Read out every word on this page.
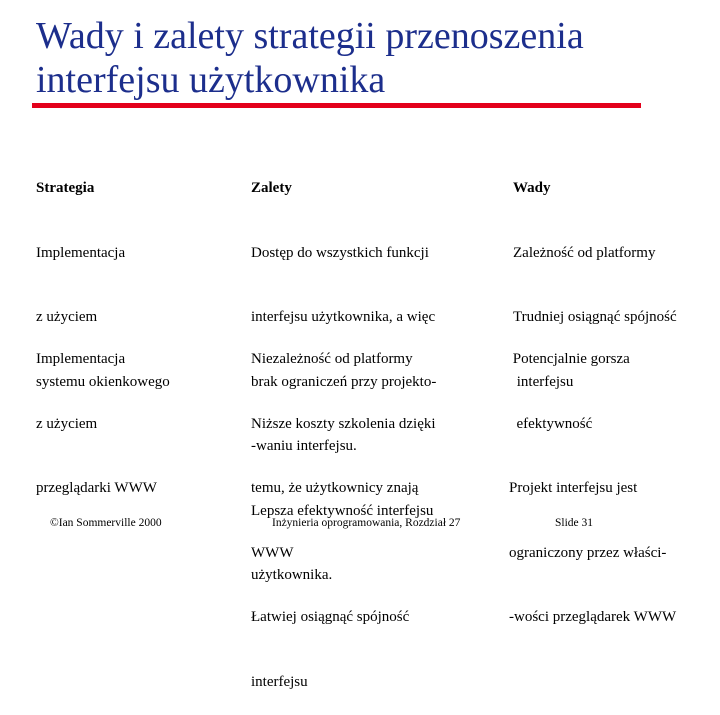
Wady i zalety strategii przenoszenia
interfejsu użytkownika

Strategia

Implementacja

z użyciem

systemu okienkowego

Zalety

Dostęp do wszystkich funkcji

interfejsu użytkownika, a więc

brak ograniczeń przy projekto-

-waniu interfejsu.

Lepsza efektywność interfejsu

użytkownika.

Wady

Zależność od platformy

Trudniej osiągnąć spójność

interfejsu

Implementacja

z użyciem

przeglądarki WWW

Niezależność od platformy

Niższe koszty szkolenia dzięki

temu, że użytkownicy znają

WWW

Łatwiej osiągnąć spójność

interfejsu

Potencjalnie gorsza

efektywność

Projekt interfejsu jest

ograniczony przez właści-

-wości przeglądarek WWW

©Ian Sommerville 2000	Inżynieria oprogramowania, Rozdział 27	Slide 31
